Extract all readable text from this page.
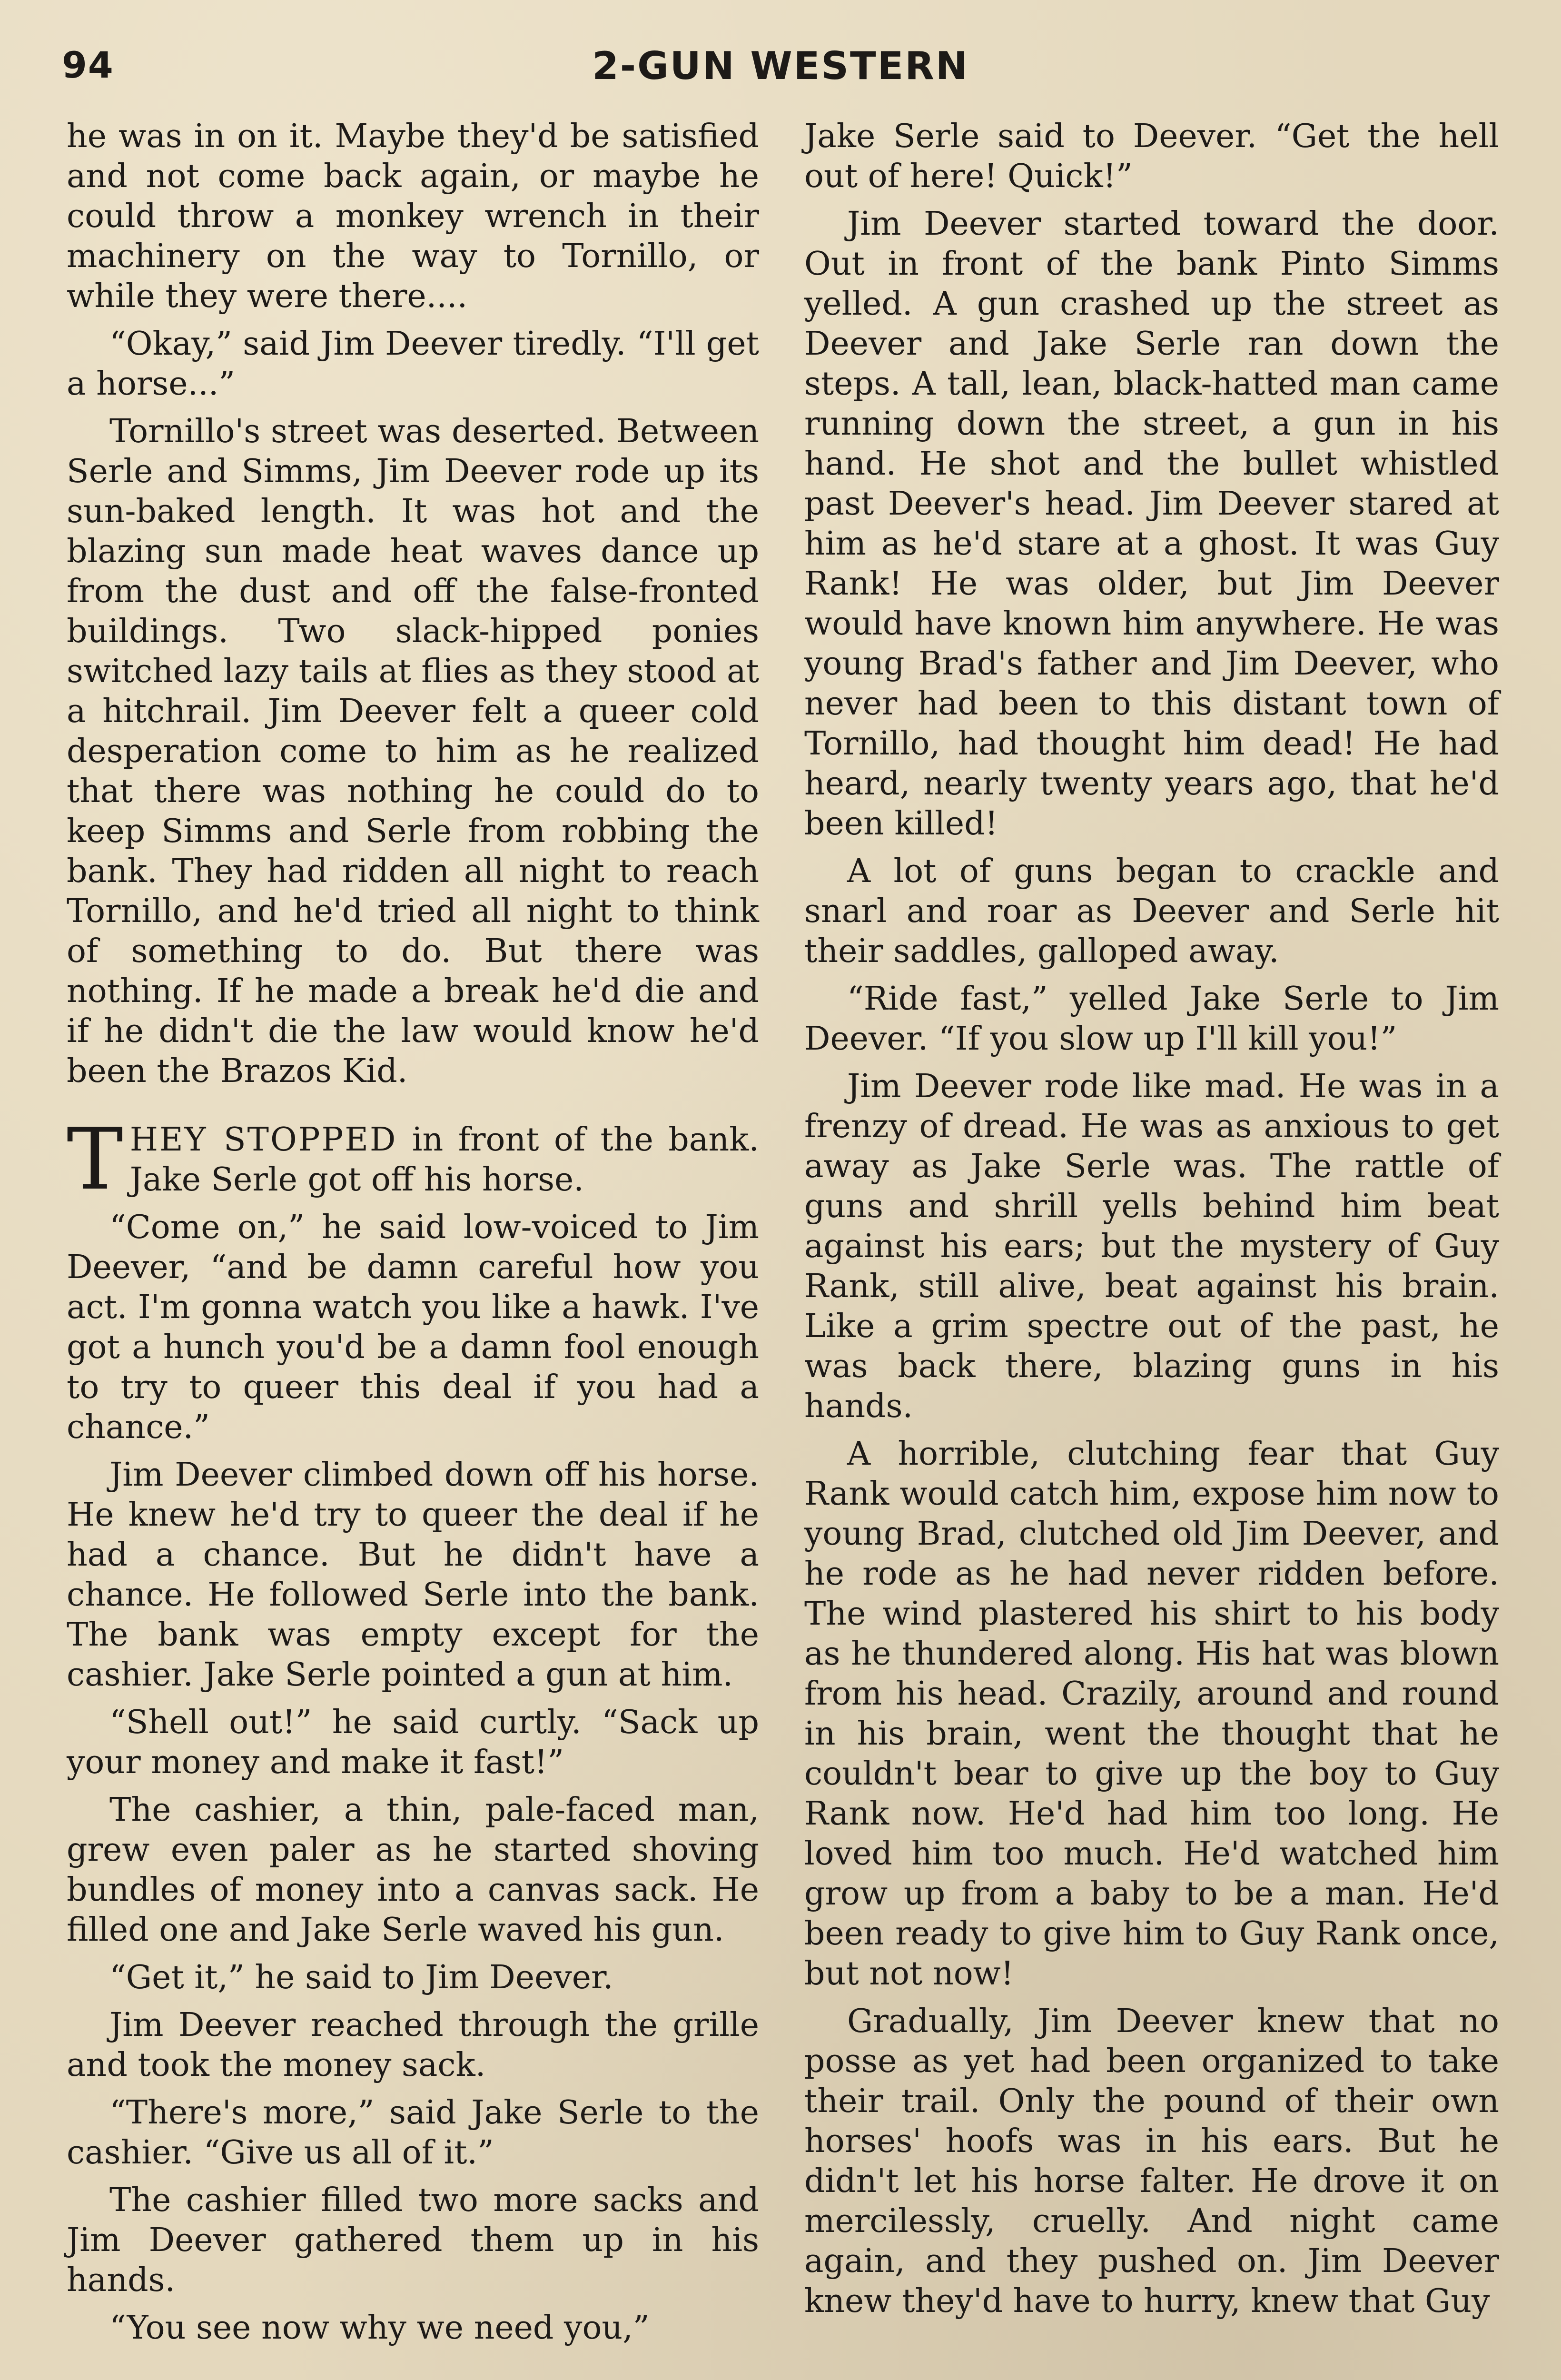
94	2-GUN WESTERN

he was in on it. Maybe they'd be satisfied and not come back again, or maybe he could throw a monkey wrench in their machinery on the way to Tornillo, or while they were there....

“Okay,” said Jim Deever tiredly. “I'll get a horse...”

Tornillo's street was deserted. Between Serle and Simms, Jim Deever rode up its sun-baked length. It was hot and the blazing sun made heat waves dance up from the dust and off the false-fronted buildings. Two slack-hipped ponies switched lazy tails at flies as they stood at a hitchrail. Jim Deever felt a queer cold desperation come to him as he realized that there was nothing he could do to keep Simms and Serle from robbing the bank. They had ridden all night to reach Tornillo, and he'd tried all night to think of something to do. But there was nothing. If he made a break he'd die and if he didn't die the law would know he'd been the Brazos Kid.

THEY STOPPED in front of the bank. Jake Serle got off his horse.

“Come on,” he said low-voiced to Jim Deever, “and be damn careful how you act. I'm gonna watch you like a hawk. I've got a hunch you'd be a damn fool enough to try to queer this deal if you had a chance.”

Jim Deever climbed down off his horse. He knew he'd try to queer the deal if he had a chance. But he didn't have a chance. He followed Serle into the bank. The bank was empty except for the cashier. Jake Serle pointed a gun at him.

“Shell out!” he said curtly. “Sack up your money and make it fast!”

The cashier, a thin, pale-faced man, grew even paler as he started shoving bundles of money into a canvas sack. He filled one and Jake Serle waved his gun.

“Get it,” he said to Jim Deever.

Jim Deever reached through the grille and took the money sack.

“There's more,” said Jake Serle to the cashier. “Give us all of it.”

The cashier filled two more sacks and Jim Deever gathered them up in his hands.

“You see now why we need you,”

Jake Serle said to Deever. “Get the hell out of here! Quick!”

Jim Deever started toward the door. Out in front of the bank Pinto Simms yelled. A gun crashed up the street as Deever and Jake Serle ran down the steps. A tall, lean, black-hatted man came running down the street, a gun in his hand. He shot and the bullet whistled past Deever's head. Jim Deever stared at him as he'd stare at a ghost. It was Guy Rank! He was older, but Jim Deever would have known him anywhere. He was young Brad's father and Jim Deever, who never had been to this distant town of Tornillo, had thought him dead! He had heard, nearly twenty years ago, that he'd been killed!

A lot of guns began to crackle and snarl and roar as Deever and Serle hit their saddles, galloped away.

“Ride fast,” yelled Jake Serle to Jim Deever. “If you slow up I'll kill you!”

Jim Deever rode like mad. He was in a frenzy of dread. He was as anxious to get away as Jake Serle was. The rattle of guns and shrill yells behind him beat against his ears; but the mystery of Guy Rank, still alive, beat against his brain. Like a grim spectre out of the past, he was back there, blazing guns in his hands.

A horrible, clutching fear that Guy Rank would catch him, expose him now to young Brad, clutched old Jim Deever, and he rode as he had never ridden before. The wind plastered his shirt to his body as he thundered along. His hat was blown from his head. Crazily, around and round in his brain, went the thought that he couldn't bear to give up the boy to Guy Rank now. He'd had him too long. He loved him too much. He'd watched him grow up from a baby to be a man. He'd been ready to give him to Guy Rank once, but not now!

Gradually, Jim Deever knew that no posse as yet had been organized to take their trail. Only the pound of their own horses' hoofs was in his ears. But he didn't let his horse falter. He drove it on mercilessly, cruelly. And night came again, and they pushed on. Jim Deever knew they'd have to hurry, knew that Guy
